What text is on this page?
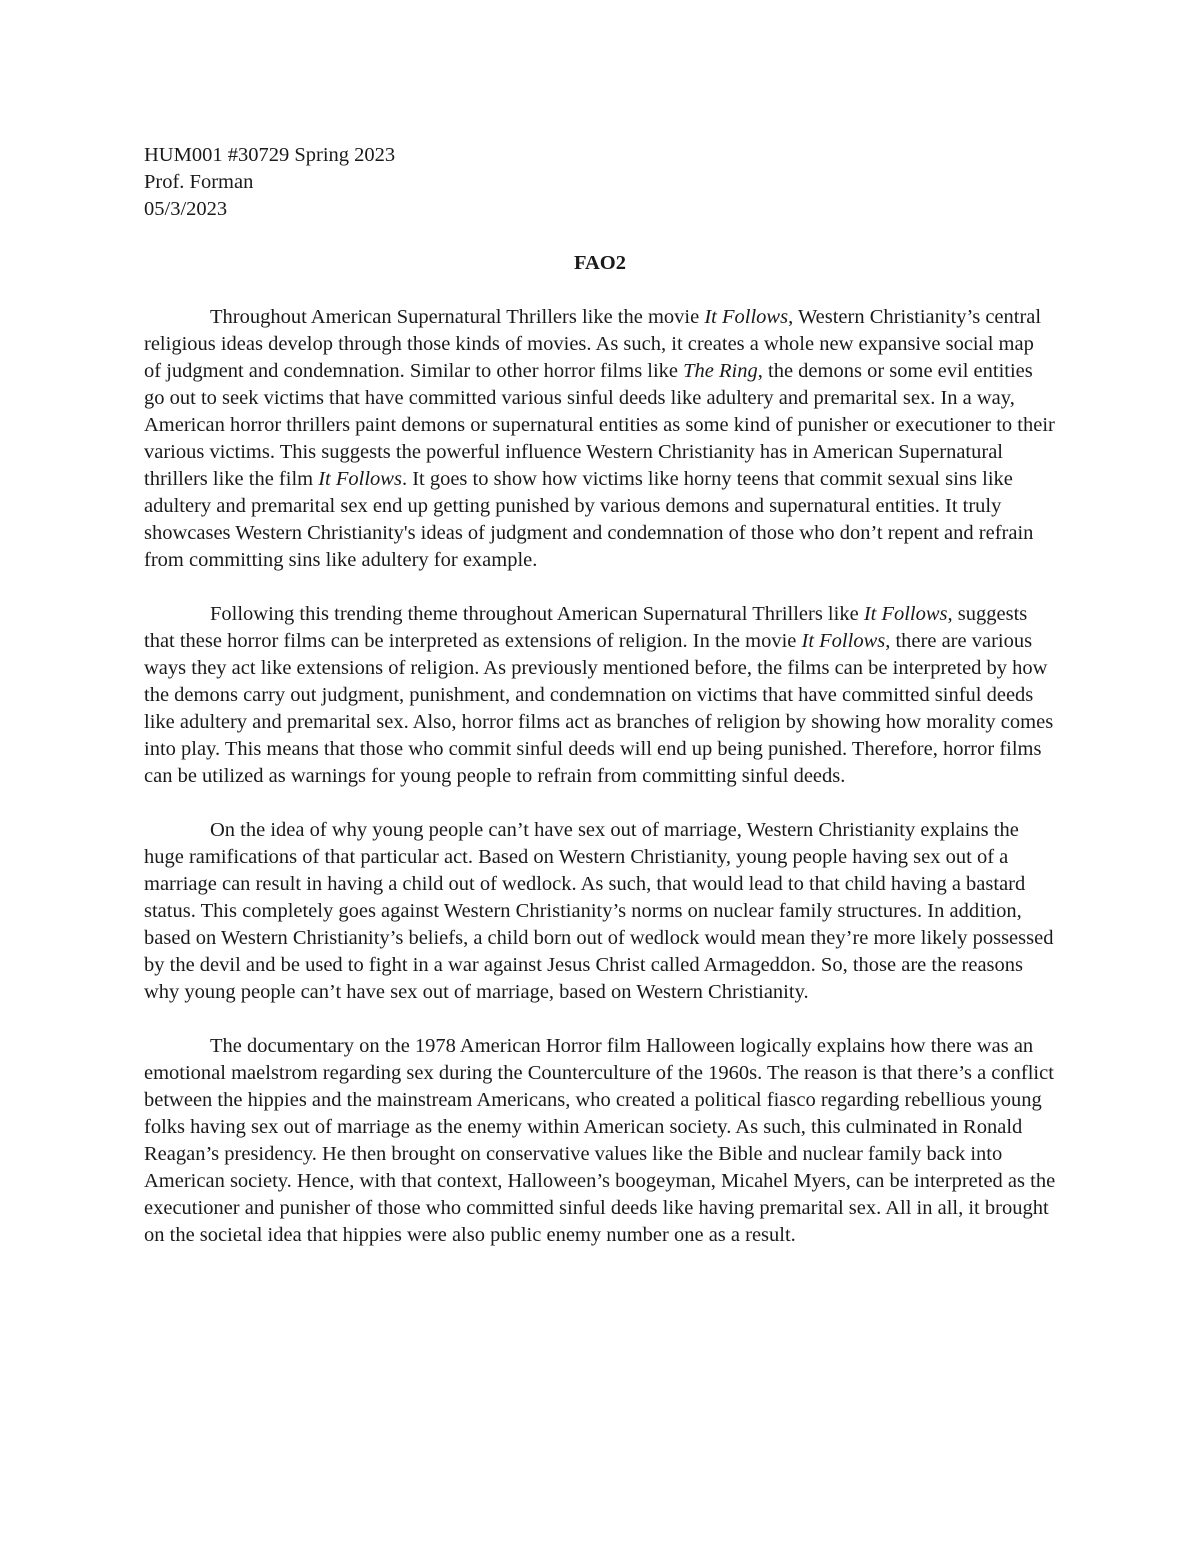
HUM001 #30729 Spring 2023

Prof. Forman

05/3/2023

FAO2

Throughout American Supernatural Thrillers like the movie It Follows, Western Christianity’s central religious ideas develop through those kinds of movies. As such, it creates a whole new expansive social map of judgment and condemnation. Similar to other horror films like The Ring, the demons or some evil entities go out to seek victims that have committed various sinful deeds like adultery and premarital sex. In a way, American horror thrillers paint demons or supernatural entities as some kind of punisher or executioner to their various victims. This suggests the powerful influence Western Christianity has in American Supernatural thrillers like the film It Follows. It goes to show how victims like horny teens that commit sexual sins like adultery and premarital sex end up getting punished by various demons and supernatural entities. It truly showcases Western Christianity's ideas of judgment and condemnation of those who don’t repent and refrain from committing sins like adultery for example.

Following this trending theme throughout American Supernatural Thrillers like It Follows, suggests that these horror films can be interpreted as extensions of religion. In the movie It Follows, there are various ways they act like extensions of religion. As previously mentioned before, the films can be interpreted by how the demons carry out judgment, punishment, and condemnation on victims that have committed sinful deeds like adultery and premarital sex. Also, horror films act as branches of religion by showing how morality comes into play. This means that those who commit sinful deeds will end up being punished. Therefore, horror films can be utilized as warnings for young people to refrain from committing sinful deeds.

On the idea of why young people can’t have sex out of marriage, Western Christianity explains the huge ramifications of that particular act. Based on Western Christianity, young people having sex out of a marriage can result in having a child out of wedlock. As such, that would lead to that child having a bastard status. This completely goes against Western Christianity’s norms on nuclear family structures. In addition, based on Western Christianity’s beliefs, a child born out of wedlock would mean they’re more likely possessed by the devil and be used to fight in a war against Jesus Christ called Armageddon. So, those are the reasons why young people can’t have sex out of marriage, based on Western Christianity.

The documentary on the 1978 American Horror film Halloween logically explains how there was an emotional maelstrom regarding sex during the Counterculture of the 1960s. The reason is that there’s a conflict between the hippies and the mainstream Americans, who created a political fiasco regarding rebellious young folks having sex out of marriage as the enemy within American society. As such, this culminated in Ronald Reagan’s presidency. He then brought on conservative values like the Bible and nuclear family back into American society. Hence, with that context, Halloween’s boogeyman, Micahel Myers, can be interpreted as the executioner and punisher of those who committed sinful deeds like having premarital sex. All in all, it brought on the societal idea that hippies were also public enemy number one as a result.
